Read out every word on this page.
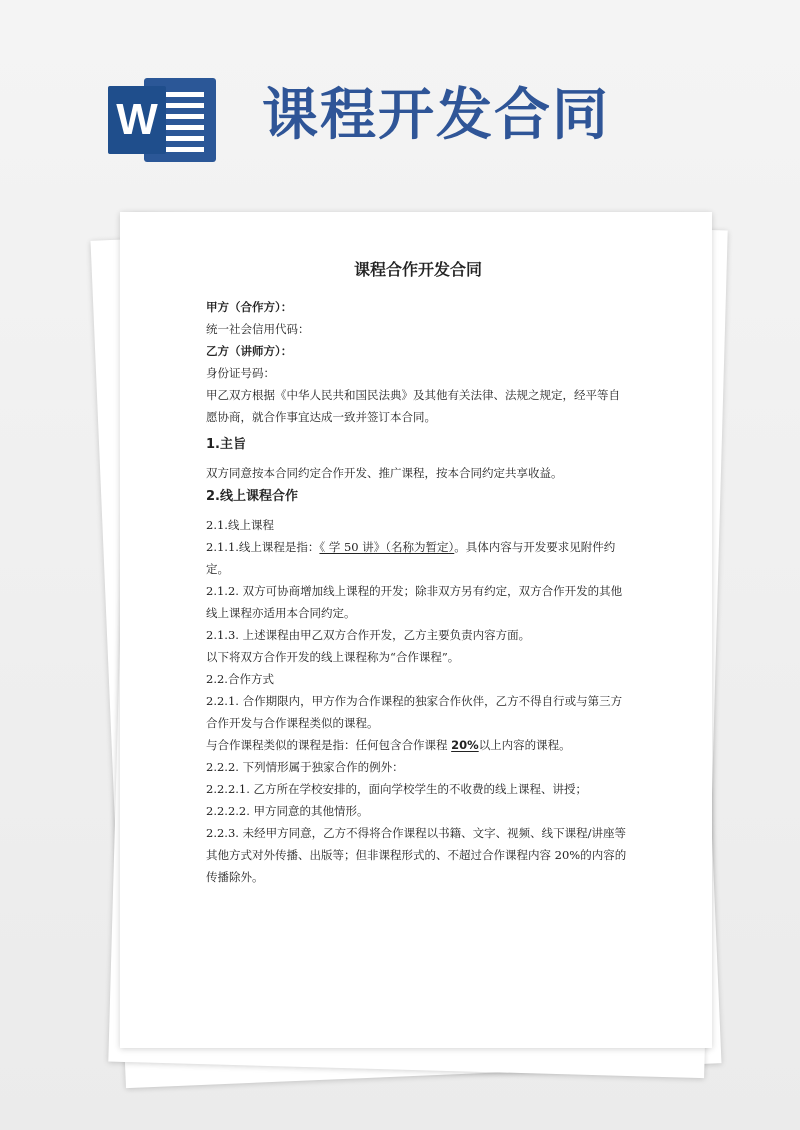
W 课程开发合同
课程合作开发合同
甲方（合作方）：
统一社会信用代码：
乙方（讲师方）：
身份证号码：
甲乙双方根据《中华人民共和国民法典》及其他有关法律、法规之规定，经平等自愿协商，就合作事宜达成一致并签订本合同。
1.主旨
双方同意按本合同约定合作开发、推广课程，按本合同约定共享收益。
2.线上课程合作
2.1.线上课程
2.1.1.线上课程是指：《 学 50 讲》（名称为暂定）。具体内容与开发要求见附件约定。
2.1.2. 双方可协商增加线上课程的开发；除非双方另有约定，双方合作开发的其他线上课程亦适用本合同约定。
2.1.3. 上述课程由甲乙双方合作开发，乙方主要负责内容方面。
以下将双方合作开发的线上课程称为“合作课程”。
2.2.合作方式
2.2.1. 合作期限内，甲方作为合作课程的独家合作伙伴，乙方不得自行或与第三方合作开发与合作课程类似的课程。
与合作课程类似的课程是指：任何包含合作课程 20%以上内容的课程。
2.2.2. 下列情形属于独家合作的例外：
2.2.2.1. 乙方所在学校安排的，面向学校学生的不收费的线上课程、讲授；
2.2.2.2. 甲方同意的其他情形。
2.2.3. 未经甲方同意，乙方不得将合作课程以书籍、文字、视频、线下课程/讲座等其他方式对外传播、出版等；但非课程形式的、不超过合作课程内容 20%的内容的传播除外。
